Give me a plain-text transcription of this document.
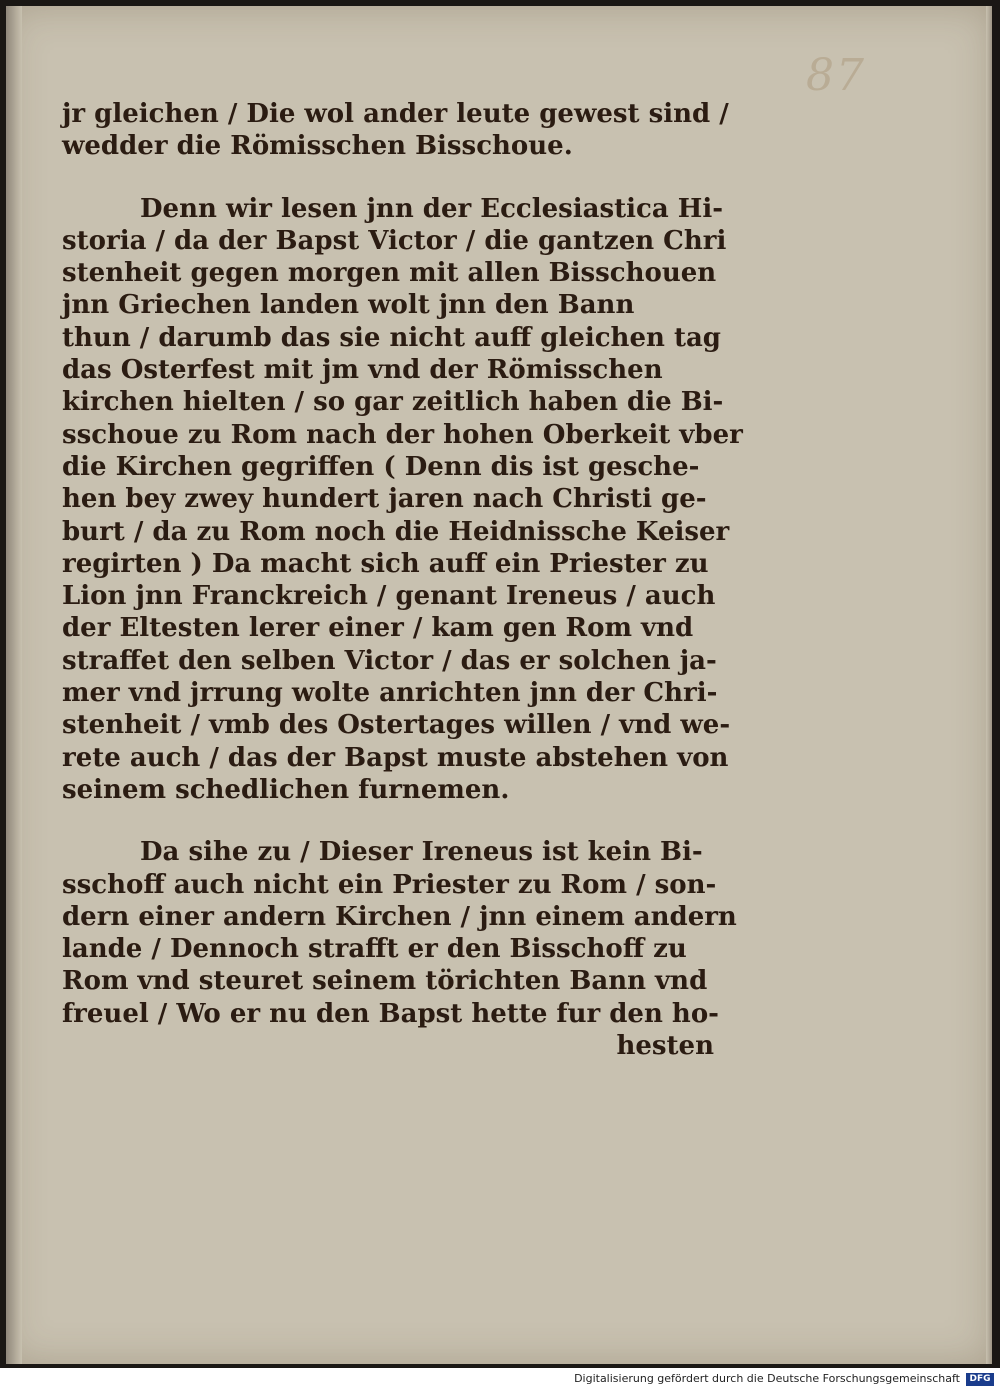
87
jr gleichen / Die wol ander leute gewest sind /
wedder die Römisschen Bisschoue.
Denn wir lesen jnn der Ecclesiastica Hi-
storia / da der Bapst Victor / die gantzen Chri
stenheit gegen morgen mit allen Bisschouen
jnn Griechen landen wolt jnn den Bann
thun / darumb das sie nicht auff gleichen tag
das Osterfest mit jm vnd der Römisschen
kirchen hielten / so gar zeitlich haben die Bi-
sschoue zu Rom nach der hohen Oberkeit vber
die Kirchen gegriffen ( Denn dis ist gesche-
hen bey zwey hundert jaren nach Christi ge-
burt / da zu Rom noch die Heidnissche Keiser
regirten ) Da macht sich auff ein Priester zu
Lion jnn Franckreich / genant Ireneus / auch
der Eltesten lerer einer / kam gen Rom vnd
straffet den selben Victor / das er solchen ja-
mer vnd jrrung wolte anrichten jnn der Chri-
stenheit / vmb des Ostertages willen / vnd we-
rete auch / das der Bapst muste abstehen von
seinem schedlichen furnemen.
Da sihe zu / Dieser Ireneus ist kein Bi-
sschoff auch nicht ein Priester zu Rom / son-
dern einer andern Kirchen / jnn einem andern
lande / Dennoch strafft er den Bisschoff zu
Rom vnd steuret seinem törichten Bann vnd
freuel / Wo er nu den Bapst hette fur den ho-
hesten
Digitalisierung gefördert durch die Deutsche Forschungsgemeinschaft	DFG
